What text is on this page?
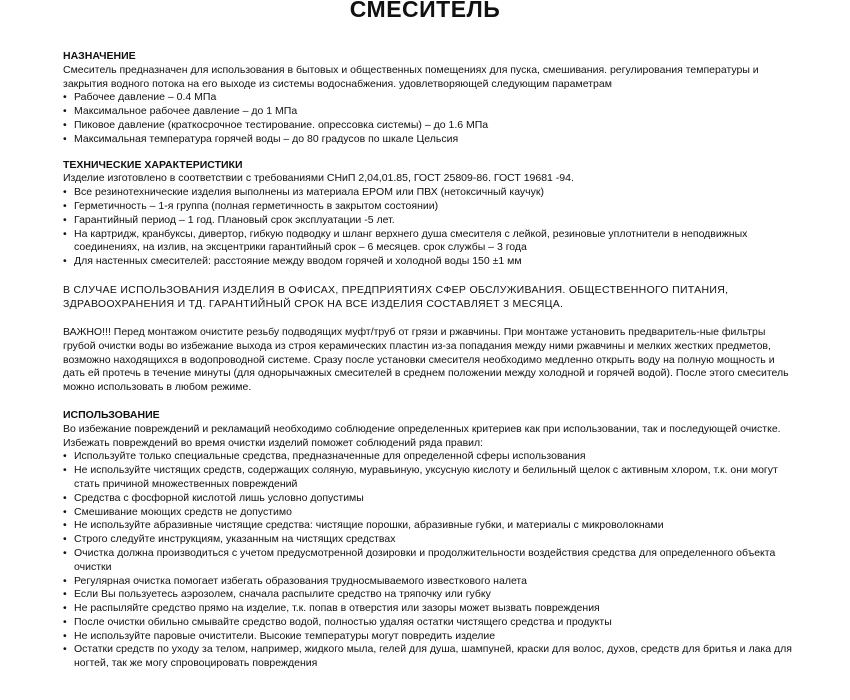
СМЕСИТЕЛЬ
НАЗНАЧЕНИЕ
Смеситель предназначен для использования в бытовых и общественных помещениях для пуска, смешивания. регулирования температуры и закрытия водного потока на его выходе из системы водоснабжения. удовлетворяющей следующим параметрам
• Рабочее давление – 0.4 МПа
• Максимальное рабочее давление – до 1 МПа
• Пиковое давление (краткосрочное тестирование. опрессовка системы) – до 1.6 МПа
• Максимальная температура горячей воды – до 80 градусов по шкале Цельсия
ТЕХНИЧЕСКИЕ ХАРАКТЕРИСТИКИ
Изделие изготовлено в соответствии с требованиями СНиП 2,04,01.85, ГОСТ 25809-86. ГОСТ 19681 -94.
• Все резинотехнические изделия выполнены из материала EPOM или ПВХ (нетоксичный каучук)
• Герметичность – 1-я группа (полная герметичность в закрытом состоянии)
• Гарантийный период – 1 год. Плановый срок эксплуатации -5 лет.
• На картридж, кранбуксы, дивертор, гибкую подводку и шланг верхнего душа смесителя с лейкой, резиновые уплотнители в неподвижных соединениях, на излив, на эксцентрики гарантийный срок – 6 месяцев. срок службы – 3 года
• Для настенных смесителей: расстояние между вводом горячей и холодной воды 150 ±1 мм
В СЛУЧАЕ ИСПОЛЬЗОВАНИЯ ИЗДЕЛИЯ В ОФИСАХ, ПРЕДПРИЯТИЯХ СФЕР ОБСЛУЖИВАНИЯ. ОБЩЕСТВЕННОГО ПИТАНИЯ, ЗДРАВООХРАНЕНИЯ И ТД. ГАРАНТИЙНЫЙ СРОК НА ВСЕ ИЗДЕЛИЯ СОСТАВЛЯЕТ 3 МЕСЯЦА.
ВАЖНО!!! Перед монтажом очистите резьбу подводящих муфт/труб от грязи и ржавчины. При монтаже установить предваритель-ные фильтры грубой очистки воды во избежание выхода из строя керамических пластин из-за попадания между ними ржавчины и мелких жестких предметов, возможно находящихся в водопроводной системе. Сразу после установки смесителя необходимо медленно открыть воду на полную мощность и дать ей протечь в течение минуты (для однорычажных смесителей в среднем положении между холодной и горячей водой). После этого смеситель можно использовать в любом режиме.
ИСПОЛЬЗОВАНИЕ
Во избежание повреждений и рекламаций необходимо соблюдение определенных критериев как при использовании, так и последующей очистке. Избежать повреждений во время очистки изделий поможет соблюдений ряда правил:
• Используйте только специальные средства, предназначенные для определенной сферы использования
• Не используйте чистящих средств, содержащих соляную, муравьиную, уксусную кислоту и белильный щелок с активным хлором, т.к. они могут стать причиной множественных повреждений
• Средства с фосфорной кислотой лишь условно допустимы
• Смешивание моющих средств не допустимо
• Не используйте абразивные чистящие средства: чистящие порошки, абразивные губки, и материалы с микроволокнами
• Строго следуйте инструкциям, указанным на чистящих средствах
• Очистка должна производиться с учетом предусмотренной дозировки и продолжительности воздействия средства для определенного объекта очистки
• Регулярная очистка помогает избегать образования трудносмываемого известкового налета
• Если Вы пользуетесь аэрозолем, сначала распылите средство на тряпочку или губку
• Не распыляйте средство прямо на изделие, т.к. попав в отверстия или зазоры может вызвать повреждения
• После очистки обильно смывайте средство водой, полностью удаляя остатки чистящего средства и продукты
• Не используйте паровые очистители. Высокие температуры могут повредить изделие
• Остатки средств по уходу за телом, например, жидкого мыла, гелей для душа, шампуней, краски для волос, духов, средств для бритья и лака для ногтей, так же могу спровоцировать повреждения
